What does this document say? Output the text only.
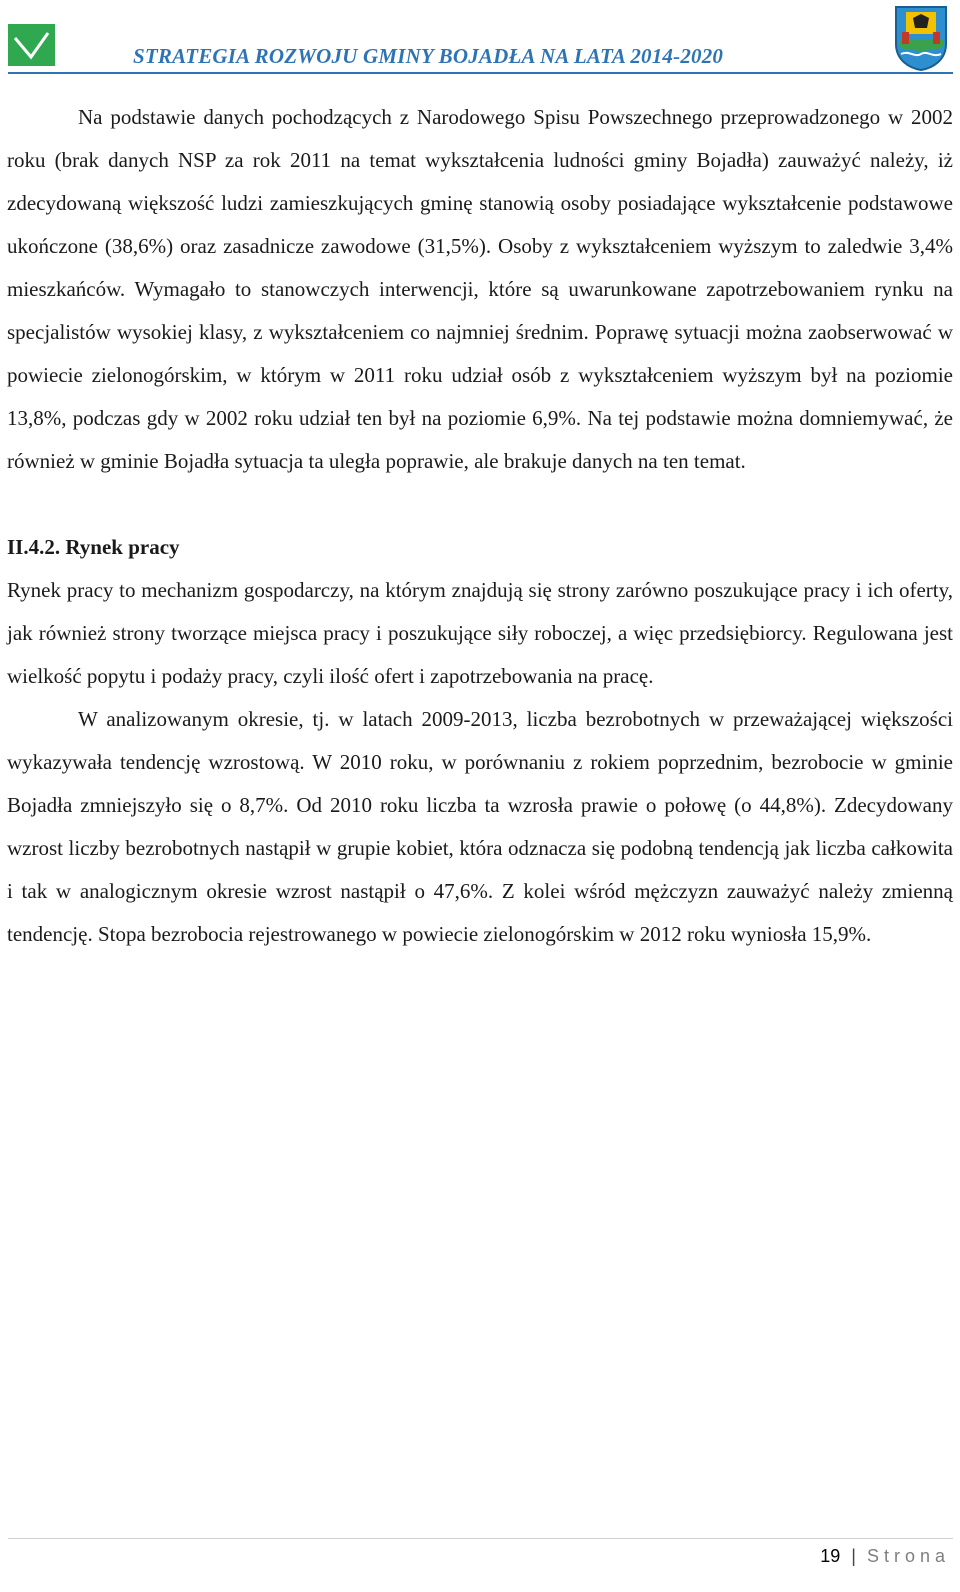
STRATEGIA ROZWOJU GMINY BOJADŁA NA LATA 2014-2020

Na podstawie danych pochodzących z Narodowego Spisu Powszechnego przeprowadzonego w 2002 roku (brak danych NSP za rok 2011 na temat wykształcenia ludności gminy Bojadła) zauważyć należy, iż zdecydowaną większość ludzi zamieszkujących gminę stanowią osoby posiadające wykształcenie podstawowe ukończone (38,6%) oraz zasadnicze zawodowe (31,5%). Osoby z wykształceniem wyższym to zaledwie 3,4% mieszkańców. Wymagało to stanowczych interwencji, które są uwarunkowane zapotrzebowaniem rynku na specjalistów wysokiej klasy, z wykształceniem co najmniej średnim. Poprawę sytuacji można zaobserwować w powiecie zielonogórskim, w którym w 2011 roku udział osób z wykształceniem wyższym był na poziomie 13,8%, podczas gdy w 2002 roku udział ten był na poziomie 6,9%. Na tej podstawie można domniemywać, że również w gminie Bojadła sytuacja ta uległa poprawie, ale brakuje danych na ten temat.

II.4.2. Rynek pracy

Rynek pracy to mechanizm gospodarczy, na którym znajdują się strony zarówno poszukujące pracy i ich oferty, jak również strony tworzące miejsca pracy i poszukujące siły roboczej, a więc przedsiębiorcy. Regulowana jest wielkość popytu i podaży pracy, czyli ilość ofert i zapotrzebowania na pracę.

W analizowanym okresie, tj. w latach 2009-2013, liczba bezrobotnych w przeważającej większości wykazywała tendencję wzrostową. W 2010 roku, w porównaniu z rokiem poprzednim, bezrobocie w gminie Bojadła zmniejszyło się o 8,7%. Od 2010 roku liczba ta wzrosła prawie o połowę (o 44,8%). Zdecydowany wzrost liczby bezrobotnych nastąpił w grupie kobiet, która odznacza się podobną tendencją jak liczba całkowita i tak w analogicznym okresie wzrost nastąpił o 47,6%. Z kolei wśród mężczyzn zauważyć należy zmienną tendencję. Stopa bezrobocia rejestrowanego w powiecie zielonogórskim w 2012 roku wyniosła 15,9%.

19 | Strona
